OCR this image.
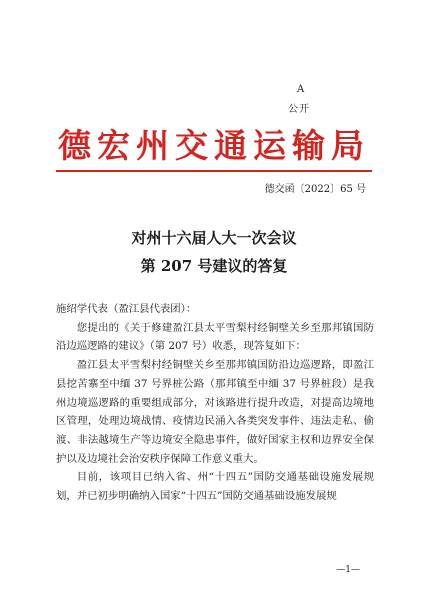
A
公开
德宏州交通运输局
德交函〔2022〕65 号
对州十六届人大一次会议
第 207 号建议的答复

施绍学代表（盈江县代表团）：

您提出的《关于修建盈江县太平雪梨村经铜壁关乡至那邦镇国防沿边巡逻路的建议》（第 207 号）收悉，现答复如下：

盈江县太平雪梨村经铜壁关乡至那邦镇国防沿边巡逻路，即盈江县挖苦寨至中缅 37 号界桩公路（那邦镇至中缅 37 号界桩段）是我州边境巡逻路的重要组成部分，对该路进行提升改造，对提高边境地区管理，处理边境战情、疫情边民涌入各类突发事件、违法走私、偷渡、非法越境生产等边境安全隐患事件，做好国家主权和边界安全保护以及边境社会治安秩序保障工作意义重大。

目前，该项目已纳入省、州“十四五”国防交通基础设施发展规划，并已初步明确纳入国家“十四五”国防交通基础设施发展规

—1—
